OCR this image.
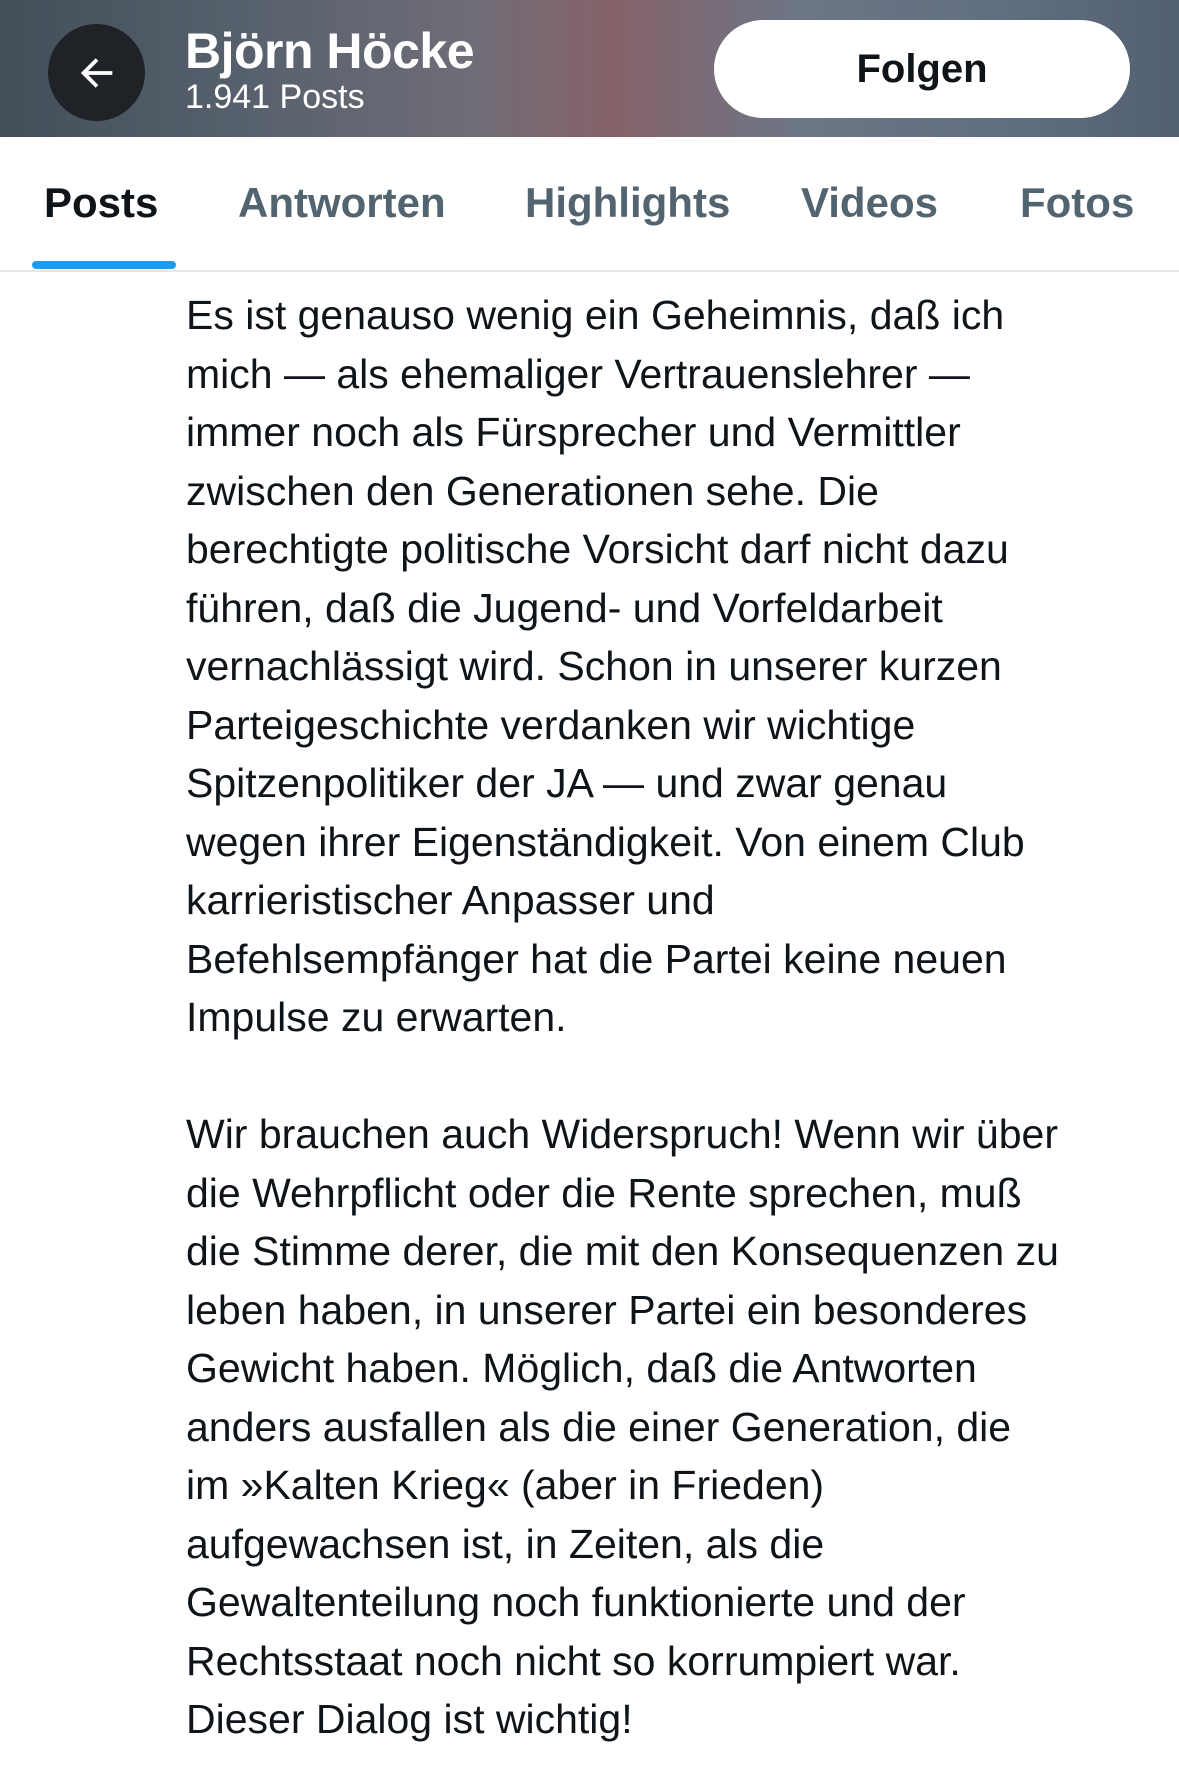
Björn Höcke
1.941 Posts
Folgen
Posts Antworten Highlights Videos Fotos
Es ist genauso wenig ein Geheimnis, daß ich
mich — als ehemaliger Vertrauenslehrer —
immer noch als Fürsprecher und Vermittler
zwischen den Generationen sehe. Die
berechtigte politische Vorsicht darf nicht dazu
führen, daß die Jugend- und Vorfeldarbeit
vernachlässigt wird. Schon in unserer kurzen
Parteigeschichte verdanken wir wichtige
Spitzenpolitiker der JA — und zwar genau
wegen ihrer Eigenständigkeit. Von einem Club
karrieristischer Anpasser und
Befehlsempfänger hat die Partei keine neuen
Impulse zu erwarten.
Wir brauchen auch Widerspruch! Wenn wir über
die Wehrpflicht oder die Rente sprechen, muß
die Stimme derer, die mit den Konsequenzen zu
leben haben, in unserer Partei ein besonderes
Gewicht haben. Möglich, daß die Antworten
anders ausfallen als die einer Generation, die
im »Kalten Krieg« (aber in Frieden)
aufgewachsen ist, in Zeiten, als die
Gewaltenteilung noch funktionierte und der
Rechtsstaat noch nicht so korrumpiert war.
Dieser Dialog ist wichtig!
